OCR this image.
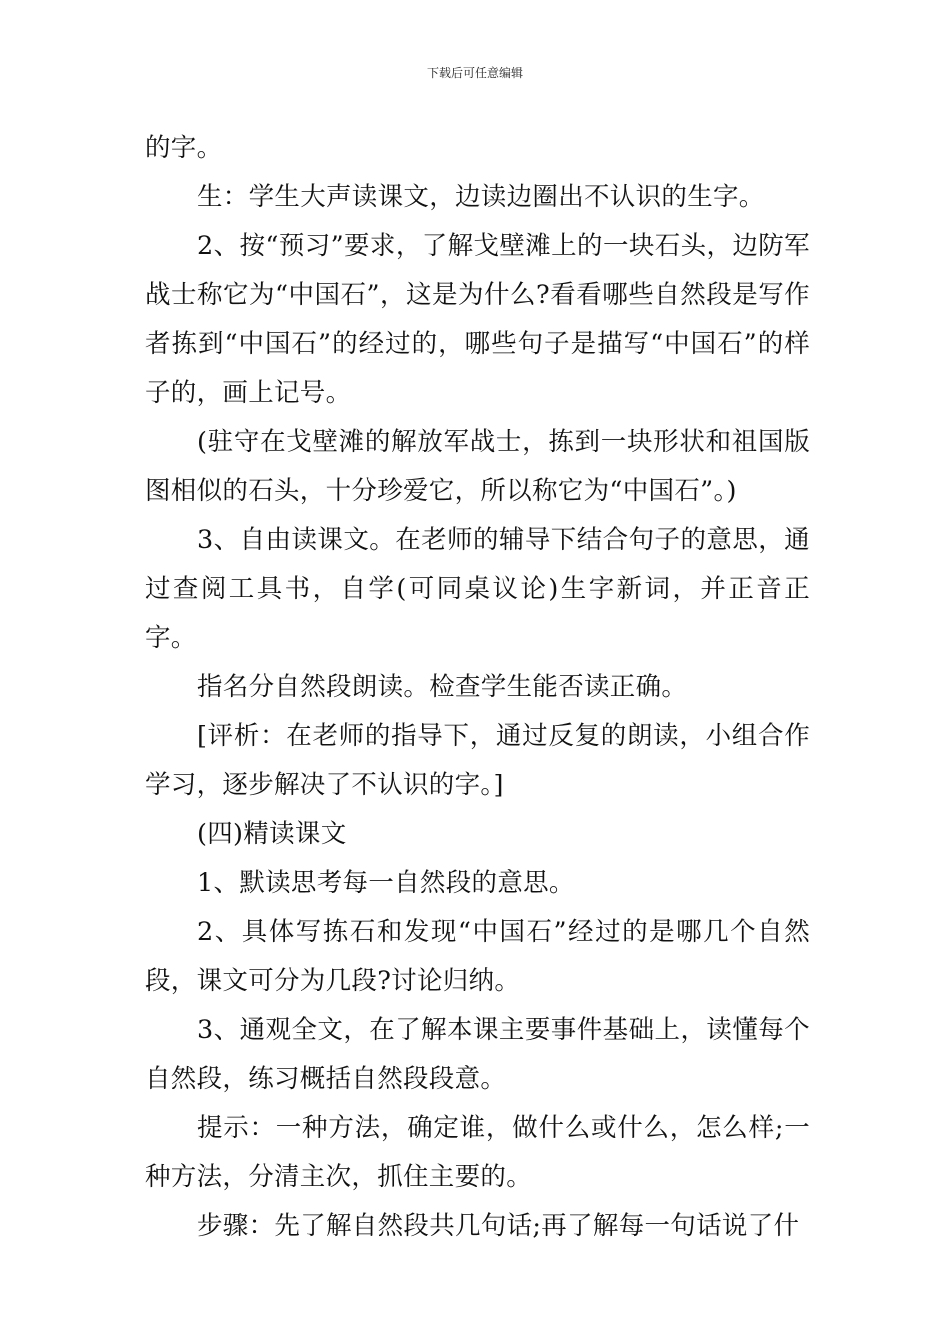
下载后可任意编辑

的字。

生：学生大声读课文，边读边圈出不认识的生字。

2、按“预习”要求，了解戈壁滩上的一块石头，边防军战士称它为“中国石”，这是为什么?看看哪些自然段是写作者拣到“中国石”的经过的，哪些句子是描写“中国石”的样子的，画上记号。

(驻守在戈壁滩的解放军战士，拣到一块形状和祖国版图相似的石头，十分珍爱它，所以称它为“中国石”。)

3、自由读课文。在老师的辅导下结合句子的意思，通过查阅工具书，自学(可同桌议论)生字新词，并正音正字。

指名分自然段朗读。检查学生能否读正确。

[评析：在老师的指导下，通过反复的朗读，小组合作学习，逐步解决了不认识的字。]

(四)精读课文

1、默读思考每一自然段的意思。

2、具体写拣石和发现“中国石”经过的是哪几个自然段，课文可分为几段?讨论归纳。

3、通观全文，在了解本课主要事件基础上，读懂每个自然段，练习概括自然段段意。

提示：一种方法，确定谁，做什么或什么，怎么样;一种方法，分清主次，抓住主要的。

步骤：先了解自然段共几句话;再了解每一句话说了什
